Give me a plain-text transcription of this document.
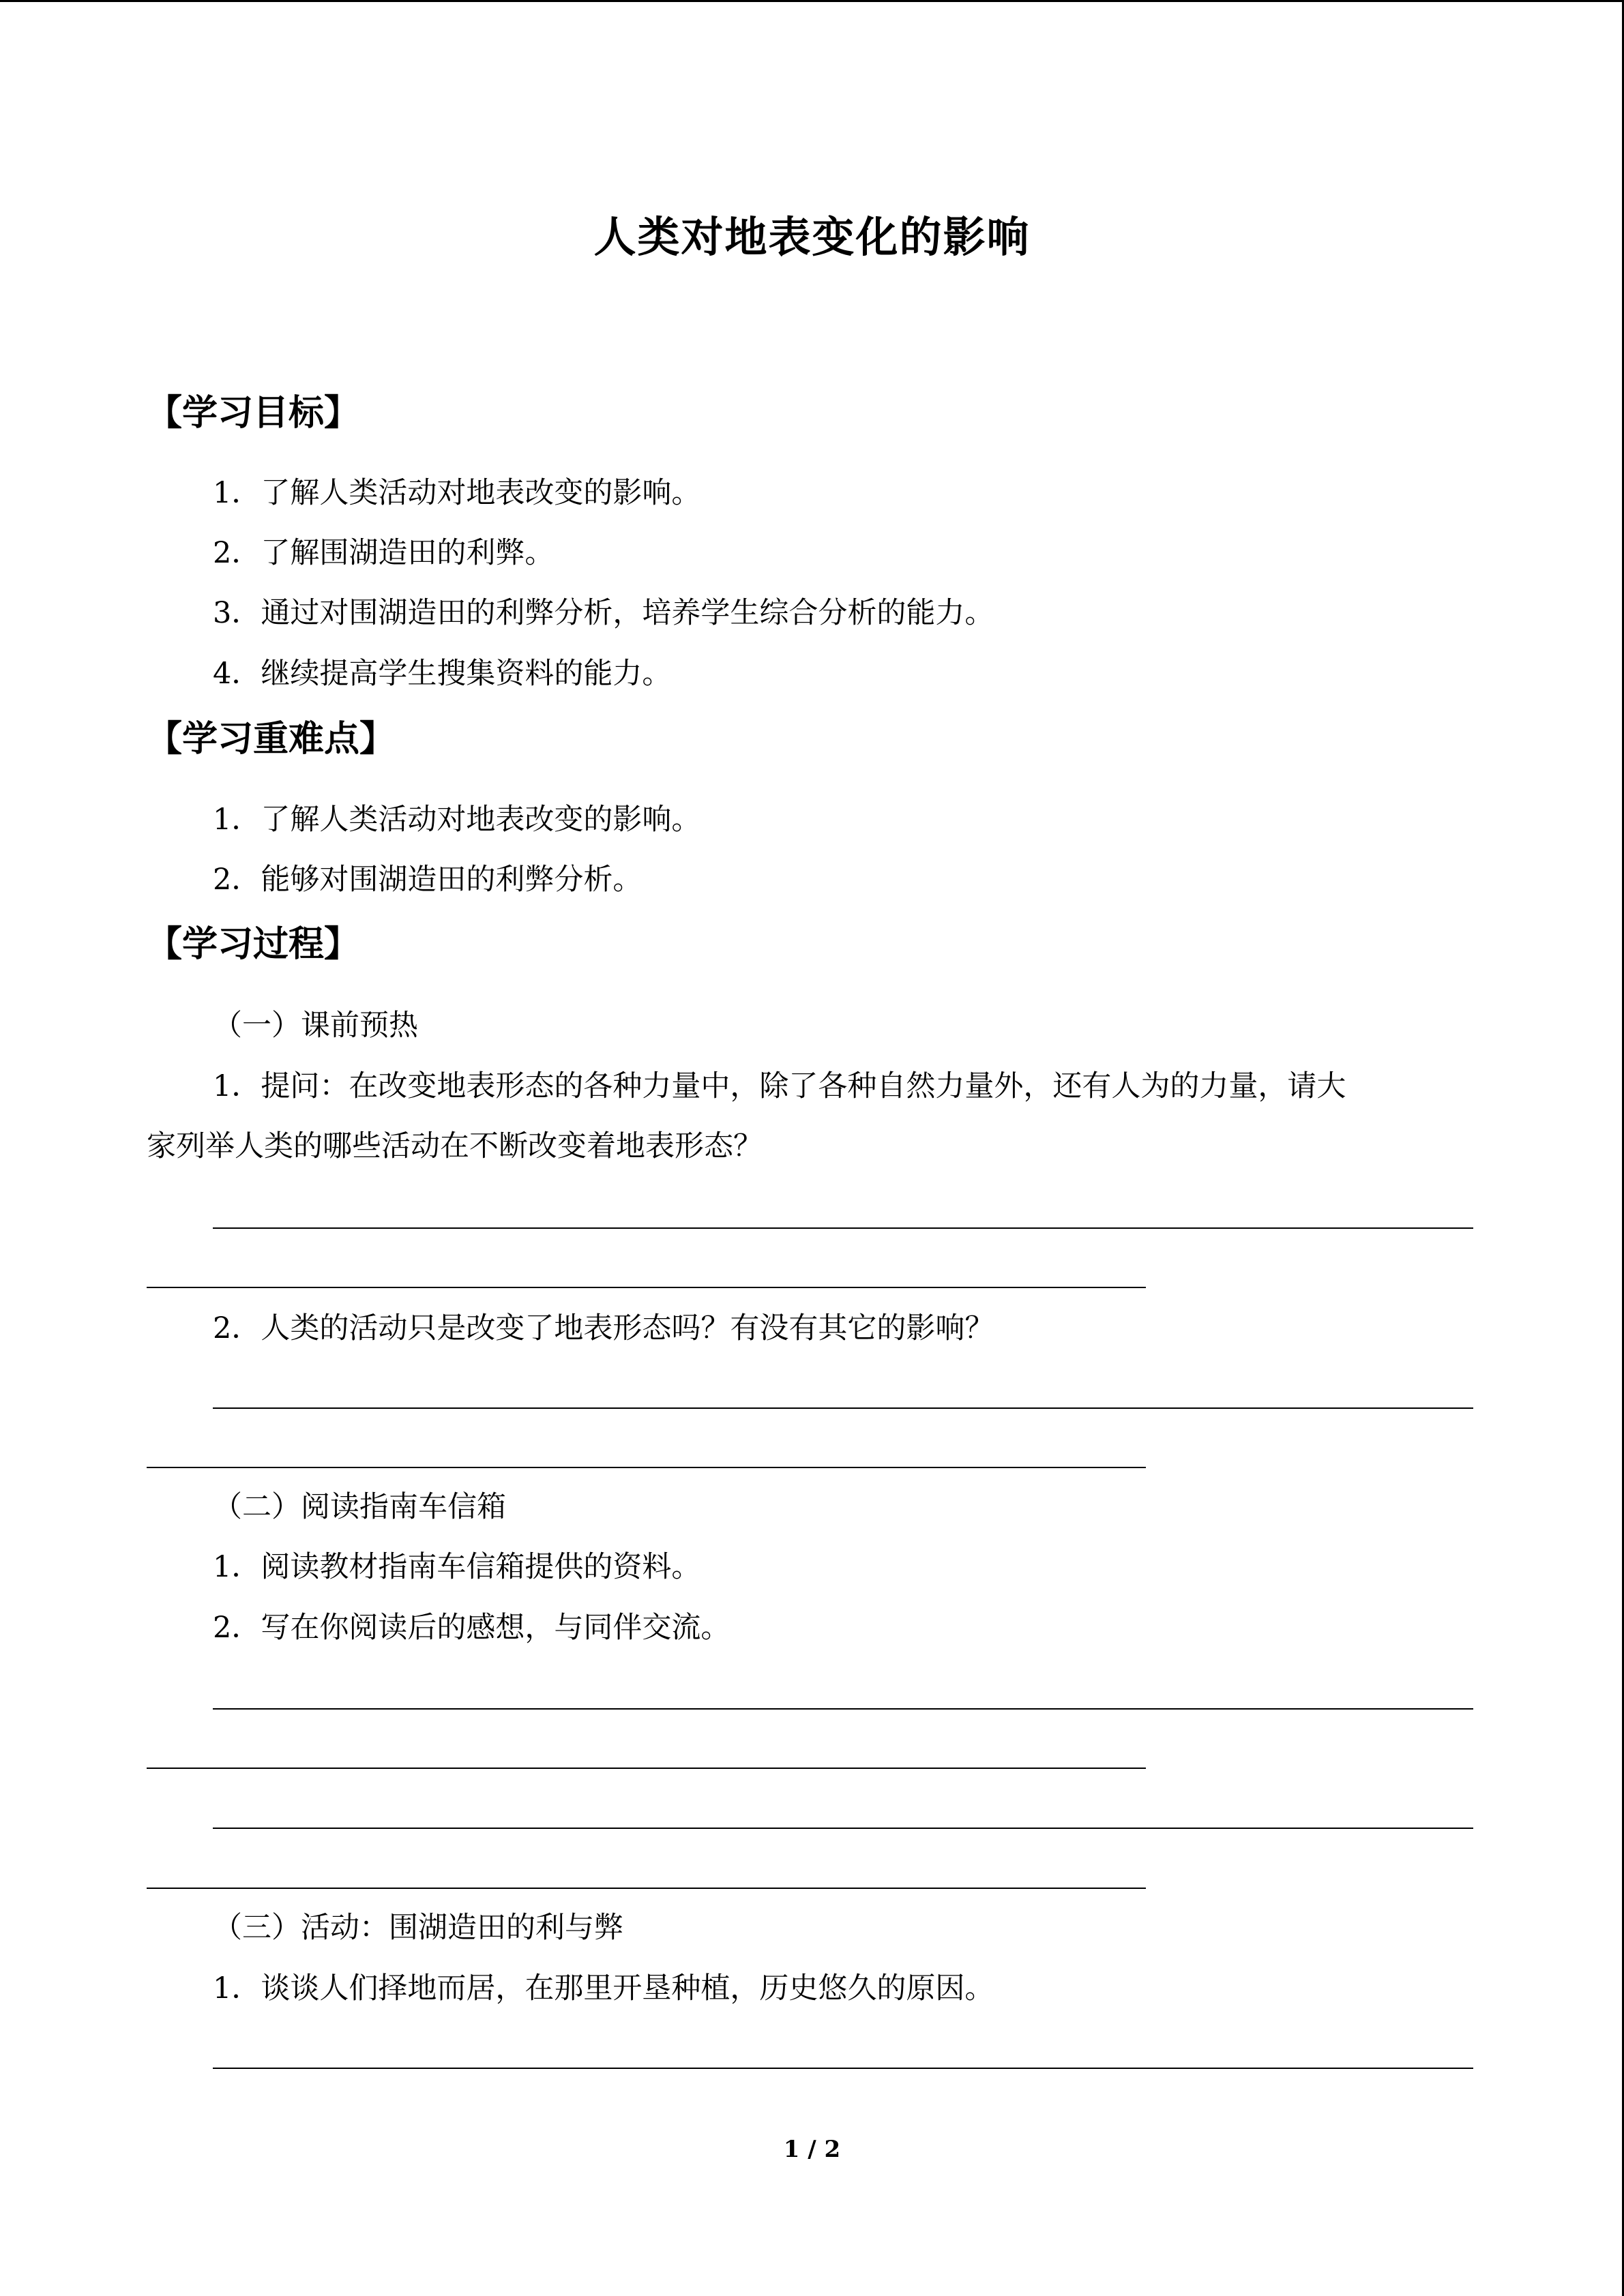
人类对地表变化的影响
【学习目标】
1．了解人类活动对地表改变的影响。
2．了解围湖造田的利弊。
3．通过对围湖造田的利弊分析，培养学生综合分析的能力。
4．继续提高学生搜集资料的能力。
【学习重难点】
1．了解人类活动对地表改变的影响。
2．能够对围湖造田的利弊分析。
【学习过程】
（一）课前预热
1．提问：在改变地表形态的各种力量中，除了各种自然力量外，还有人为的力量，请大
家列举人类的哪些活动在不断改变着地表形态？
2．人类的活动只是改变了地表形态吗？有没有其它的影响？
（二）阅读指南车信箱
1．阅读教材指南车信箱提供的资料。
2．写在你阅读后的感想，与同伴交流。
（三）活动：围湖造田的利与弊
1．谈谈人们择地而居，在那里开垦种植，历史悠久的原因。
1 / 2
